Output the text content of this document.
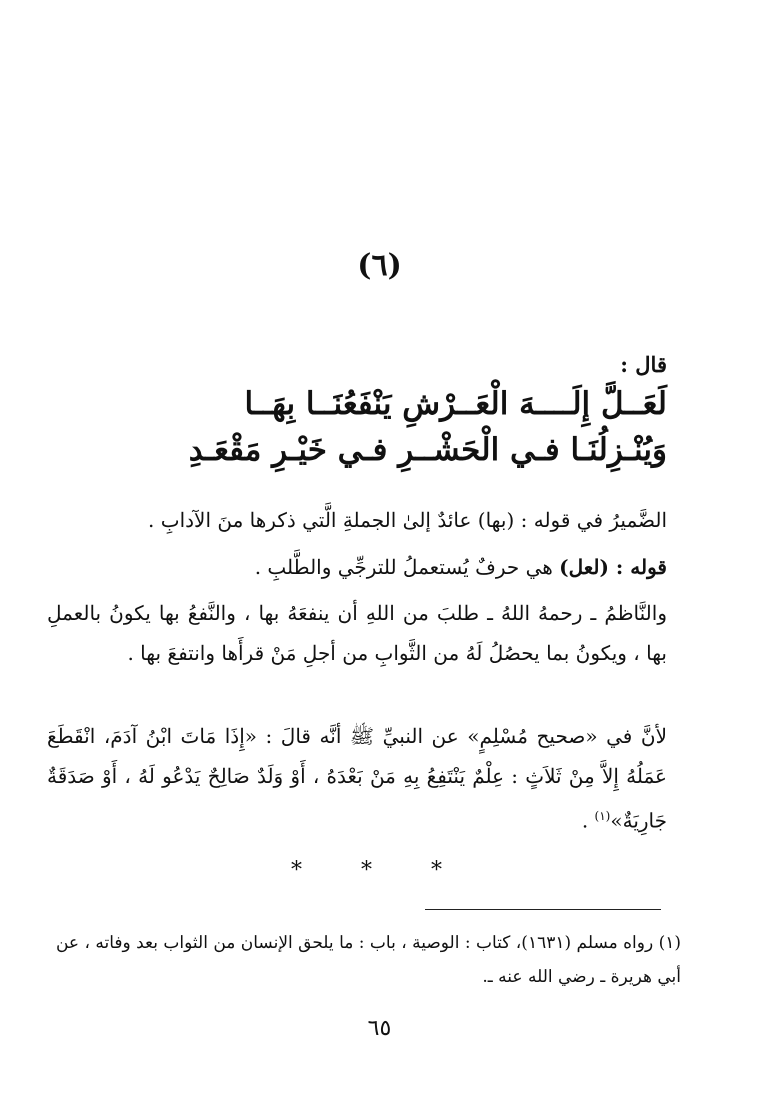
(٦)
قال :
لَعَــلَّ إِلَــــهَ الْعَــرْشِ يَنْفَعُنَــا بِهَــا
وَيُنْـزِلُنَـا فـي الْحَشْــرِ فـي خَيْـرِ مَقْعَـدِ
الضَّميرُ في قوله : (بها) عائدٌ إلىٰ الجملةِ الَّتي ذكرها منَ الآدابِ .
قوله : (لعل) هي حرفٌ يُستعملُ للترجِّي والطَّلبِ .
والنَّاظمُ ـ رحمهُ اللهُ ـ طلبَ من اللهِ أن ينفعَهُ بها ، والنَّفعُ بها يكونُ بالعملِ بها ، ويكونُ بما يحصُلُ لَهُ من الثَّوابِ من أجلِ مَنْ قرأَها وانتفعَ بها .
لأنَّ في «صحيح مُسْلِمٍ» عن النبيِّ ﷺ أنَّه قالَ : «إِذَا مَاتَ ابْنُ آدَمَ، انْقَطَعَ عَمَلُهُ إِلاَّ مِنْ ثَلاَثٍ : عِلْمٌ يَنْتَفِعُ بِهِ مَنْ بَعْدَهُ ، أَوْ وَلَدٌ صَالِحٌ يَدْعُو لَهُ ، أَوْ صَدَقَةٌ جَارِيَةٌ»$^{(١)}$ .
* * *
(١) رواه مسلم (١٦٣١)، كتاب : الوصية ، باب : ما يلحق الإنسان من الثواب بعد وفاته ، عن أبي هريرة ـ رضي الله عنه ـ.
٦٥
